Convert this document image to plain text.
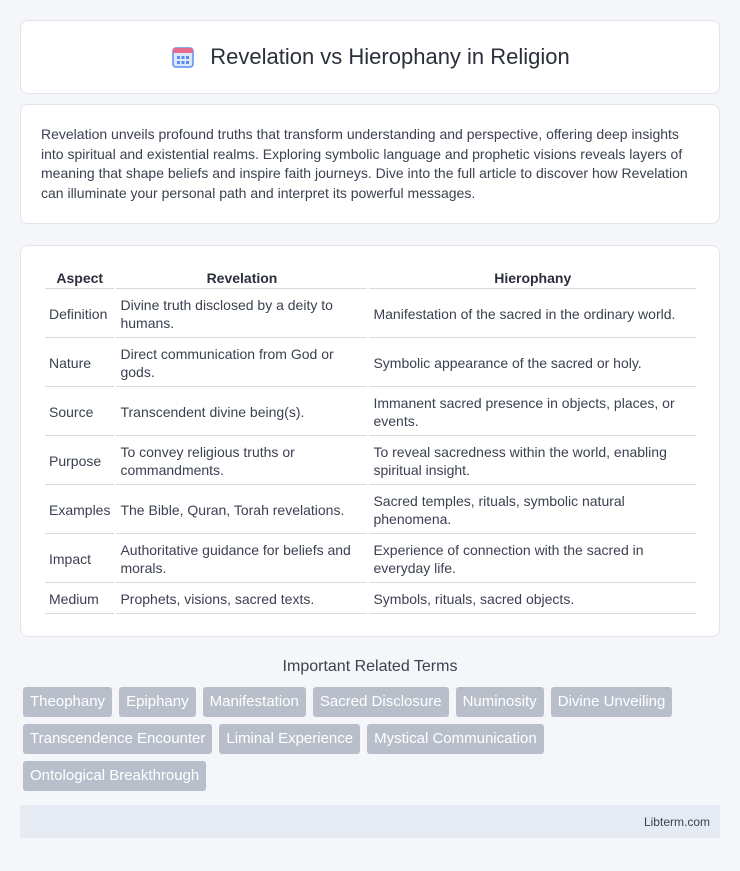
Revelation vs Hierophany in Religion

Revelation unveils profound truths that transform understanding and perspective, offering deep insights into spiritual and existential realms. Exploring symbolic language and prophetic visions reveals layers of meaning that shape beliefs and inspire faith journeys. Dive into the full article to discover how Revelation can illuminate your personal path and interpret its powerful messages.

Aspect	Revelation	Hierophany
Definition	Divine truth disclosed by a deity to humans.	Manifestation of the sacred in the ordinary world.
Nature	Direct communication from God or gods.	Symbolic appearance of the sacred or holy.
Source	Transcendent divine being(s).	Immanent sacred presence in objects, places, or events.
Purpose	To convey religious truths or commandments.	To reveal sacredness within the world, enabling spiritual insight.
Examples	The Bible, Quran, Torah revelations.	Sacred temples, rituals, symbolic natural phenomena.
Impact	Authoritative guidance for beliefs and morals.	Experience of connection with the sacred in everyday life.
Medium	Prophets, visions, sacred texts.	Symbols, rituals, sacred objects.
Important Related Terms
Theophany	Epiphany	Manifestation	Sacred Disclosure	Numinosity	Divine Unveiling
Transcendence Encounter	Liminal Experience	Mystical Communication
Ontological Breakthrough
Libterm.com
